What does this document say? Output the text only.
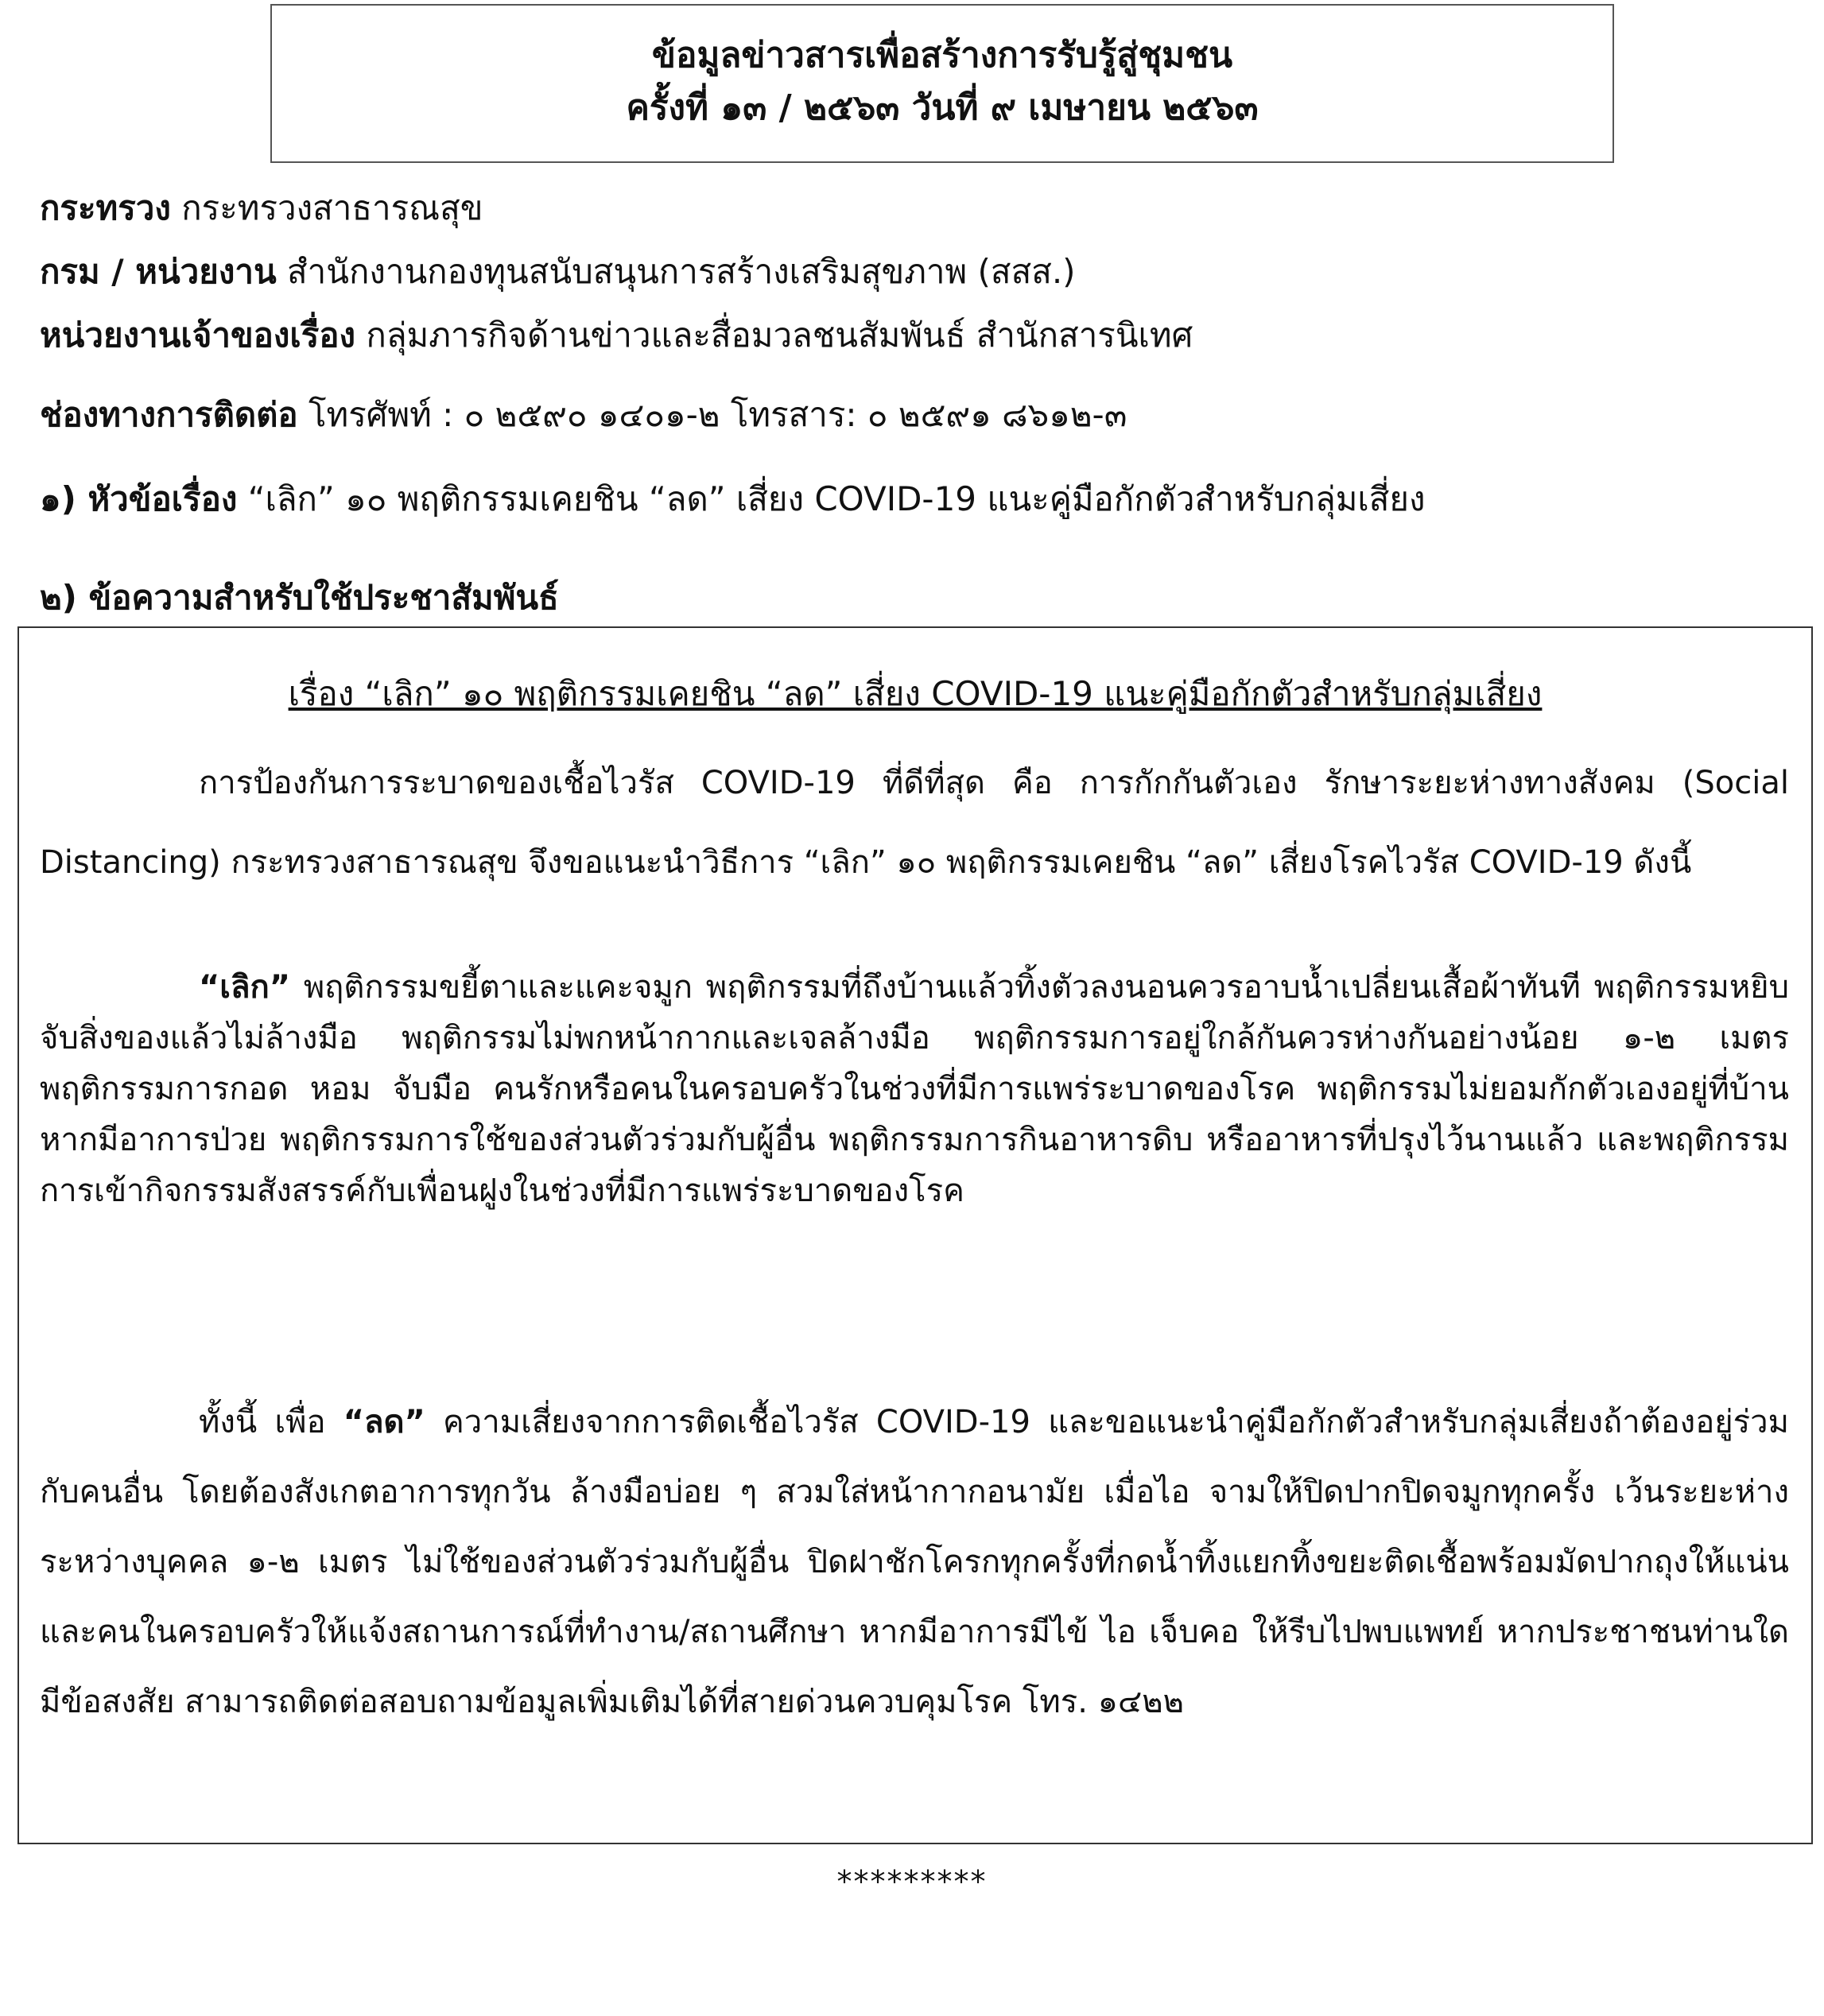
ข้อมูลข่าวสารเพื่อสร้างการรับรู้สู่ชุมชน
ครั้งที่ ๑๓ / ๒๕๖๓ วันที่ ๙ เมษายน ๒๕๖๓
กระทรวง กระทรวงสาธารณสุข
กรม / หน่วยงาน สำนักงานกองทุนสนับสนุนการสร้างเสริมสุขภาพ (สสส.)
หน่วยงานเจ้าของเรื่อง กลุ่มภารกิจด้านข่าวและสื่อมวลชนสัมพันธ์ สำนักสารนิเทศ
ช่องทางการติดต่อ โทรศัพท์ : ๐ ๒๕๙๐ ๑๔๐๑-๒ โทรสาร: ๐ ๒๕๙๑ ๘๖๑๒-๓
๑) หัวข้อเรื่อง “เลิก” ๑๐ พฤติกรรมเคยชิน “ลด” เสี่ยง COVID-19 แนะคู่มือกักตัวสำหรับกลุ่มเสี่ยง
๒) ข้อความสำหรับใช้ประชาสัมพันธ์
เรื่อง “เลิก” ๑๐ พฤติกรรมเคยชิน “ลด” เสี่ยง COVID-19 แนะคู่มือกักตัวสำหรับกลุ่มเสี่ยง
การป้องกันการระบาดของเชื้อไวรัส COVID-19 ที่ดีที่สุด คือ การกักกันตัวเอง รักษาระยะห่างทางสังคม (Social Distancing) กระทรวงสาธารณสุข จึงขอแนะนำวิธีการ “เลิก” ๑๐ พฤติกรรมเคยชิน “ลด” เสี่ยงโรคไวรัส COVID-19 ดังนี้
“เลิก” พฤติกรรมขยี้ตาและแคะจมูก พฤติกรรมที่ถึงบ้านแล้วทิ้งตัวลงนอนควรอาบน้ำเปลี่ยนเสื้อผ้าทันที พฤติกรรมหยิบจับสิ่งของแล้วไม่ล้างมือ พฤติกรรมไม่พกหน้ากากและเจลล้างมือ พฤติกรรมการอยู่ใกล้กันควรห่างกันอย่างน้อย ๑-๒ เมตร พฤติกรรมการกอด หอม จับมือ คนรักหรือคนในครอบครัวในช่วงที่มีการแพร่ระบาดของโรค พฤติกรรมไม่ยอมกักตัวเองอยู่ที่บ้าน หากมีอาการป่วย พฤติกรรมการใช้ของส่วนตัวร่วมกับผู้อื่น พฤติกรรมการกินอาหารดิบ หรืออาหารที่ปรุงไว้นานแล้ว และพฤติกรรมการเข้ากิจกรรมสังสรรค์กับเพื่อนฝูงในช่วงที่มีการแพร่ระบาดของโรค
ทั้งนี้ เพื่อ “ลด” ความเสี่ยงจากการติดเชื้อไวรัส COVID-19 และขอแนะนำคู่มือกักตัวสำหรับกลุ่มเสี่ยงถ้าต้องอยู่ร่วมกับคนอื่น โดยต้องสังเกตอาการทุกวัน ล้างมือบ่อย ๆ สวมใส่หน้ากากอนามัย เมื่อไอ จามให้ปิดปากปิดจมูกทุกครั้ง เว้นระยะห่างระหว่างบุคคล ๑-๒ เมตร ไม่ใช้ของส่วนตัวร่วมกับผู้อื่น ปิดฝาชักโครกทุกครั้งที่กดน้ำทิ้งแยกทิ้งขยะติดเชื้อพร้อมมัดปากถุงให้แน่น และคนในครอบครัวให้แจ้งสถานการณ์ที่ทำงาน/สถานศึกษา หากมีอาการมีไข้ ไอ เจ็บคอ ให้รีบไปพบแพทย์ หากประชาชนท่านใดมีข้อสงสัย สามารถติดต่อสอบถามข้อมูลเพิ่มเติมได้ที่สายด่วนควบคุมโรค โทร. ๑๔๒๒
*********
